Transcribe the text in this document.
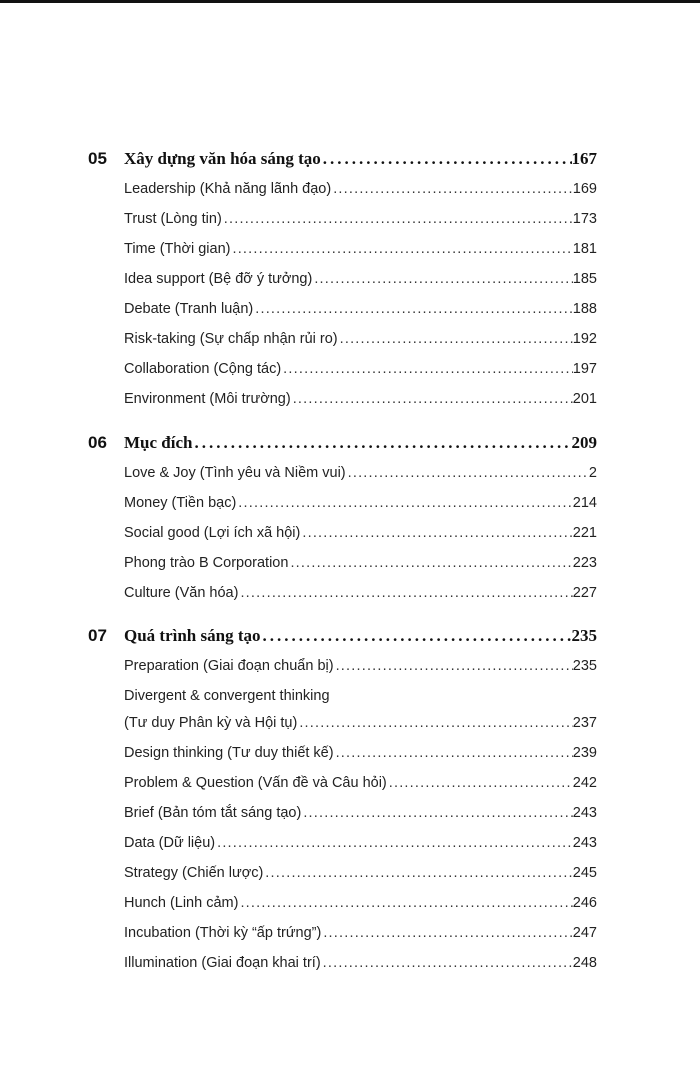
05	Xây dựng văn hóa sáng tạo .....	167
Leadership (Khả năng lãnh đạo) .....	169
Trust (Lòng tin) .....	173
Time (Thời gian) .....	181
Idea support (Bệ đỡ ý tưởng) .....	185
Debate (Tranh luận) .....	188
Risk-taking (Sự chấp nhận rủi ro) .....	192
Collaboration (Cộng tác) .....	197
Environment (Môi trường) .....	201
06	Mục đích .....	209
Love & Joy (Tình yêu và Niềm vui) .....	2
Money (Tiền bạc) .....	214
Social good (Lợi ích xã hội) .....	221
Phong trào B Corporation .....	223
Culture (Văn hóa) .....	227
07	Quá trình sáng tạo .....	235
Preparation (Giai đoạn chuẩn bị) .....	235
Divergent & convergent thinking
(Tư duy Phân kỳ và Hội tụ) .....	237
Design thinking (Tư duy thiết kế) .....	239
Problem & Question (Vấn đề và Câu hỏi) .....	242
Brief (Bản tóm tắt sáng tạo) .....	243
Data (Dữ liệu) .....	243
Strategy (Chiến lược) .....	245
Hunch (Linh cảm) .....	246
Incubation (Thời kỳ “ấp trứng”) .....	247
Illumination (Giai đoạn khai trí) .....	248
